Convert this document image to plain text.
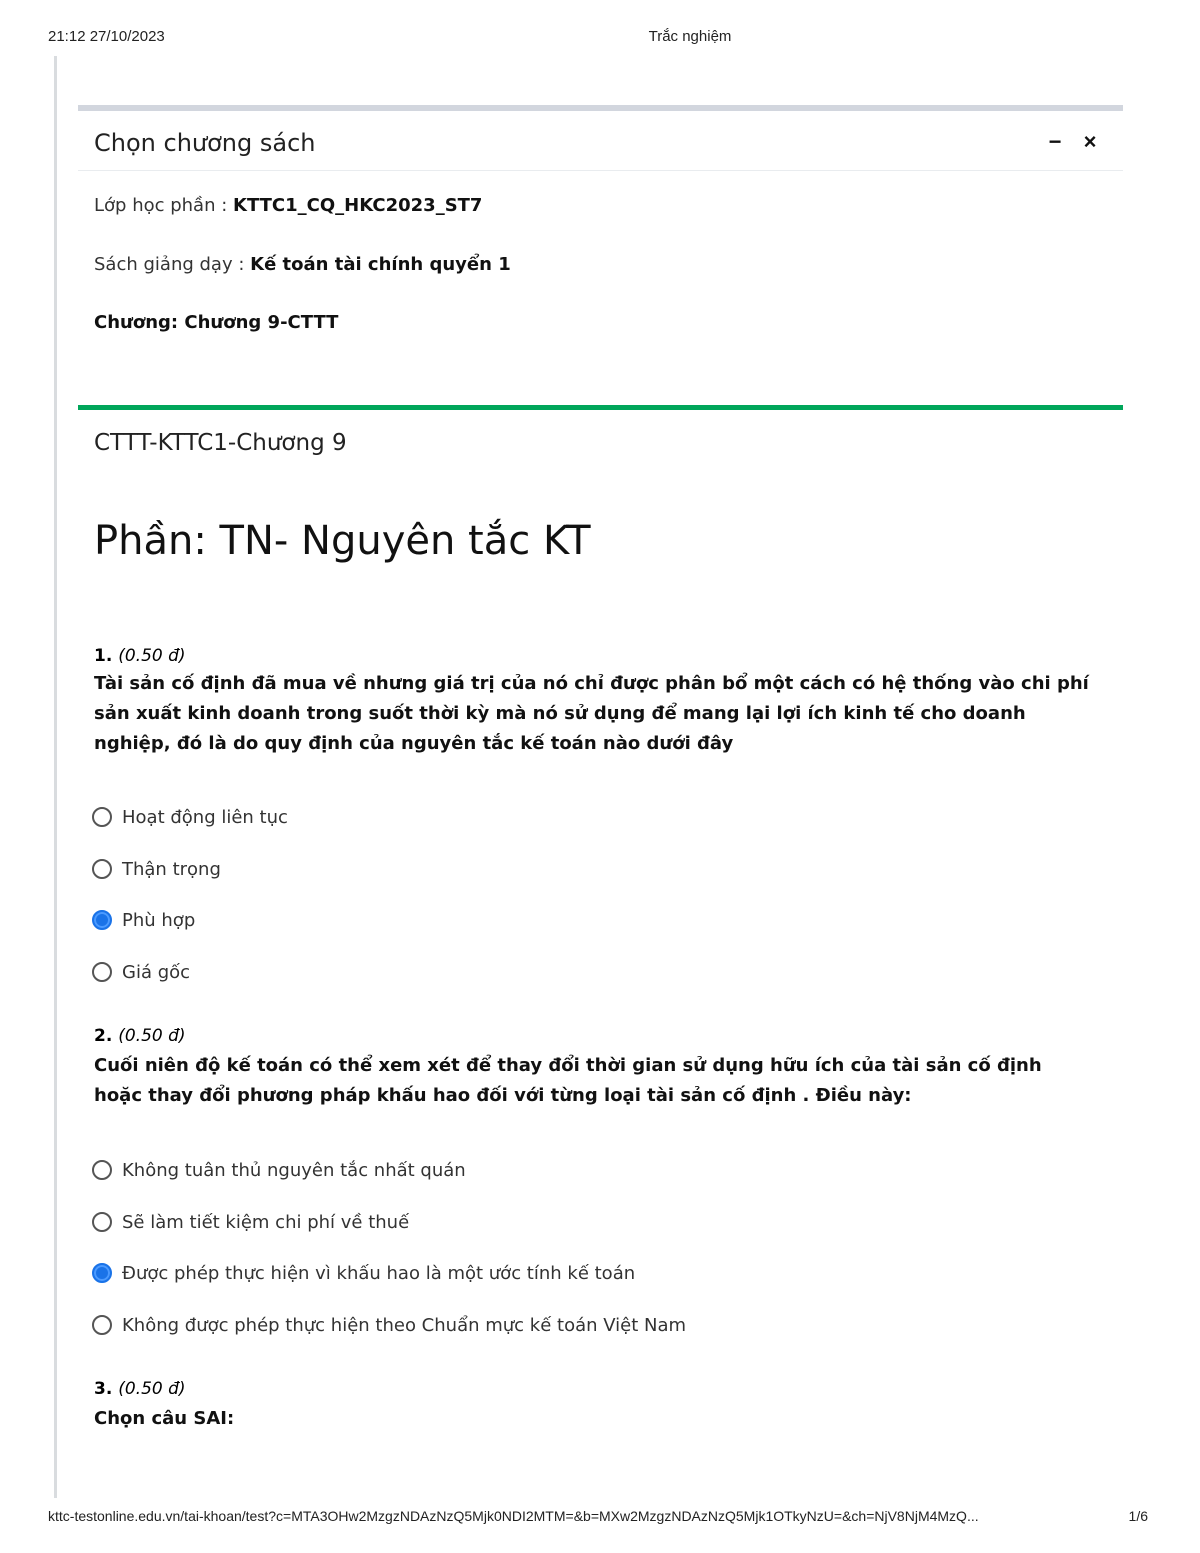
21:12 27/10/2023	Trắc nghiệm
Chọn chương sách	− ×
Lớp học phần : KTTC1_CQ_HKC2023_ST7
Sách giảng dạy : Kế toán tài chính quyển 1
Chương: Chương 9-CTTT
CTTT-KTTC1-Chương 9
Phần: TN- Nguyên tắc KT
1. (0.50 đ)
Tài sản cố định đã mua về nhưng giá trị của nó chỉ được phân bổ một cách có hệ thống vào chi phí sản xuất kinh doanh trong suốt thời kỳ mà nó sử dụng để mang lại lợi ích kinh tế cho doanh nghiệp, đó là do quy định của nguyên tắc kế toán nào dưới đây
Hoạt động liên tục
Thận trọng
Phù hợp
Giá gốc
2. (0.50 đ)
Cuối niên độ kế toán có thể xem xét để thay đổi thời gian sử dụng hữu ích của tài sản cố định hoặc thay đổi phương pháp khấu hao đối với từng loại tài sản cố định . Điều này:
Không tuân thủ nguyên tắc nhất quán
Sẽ làm tiết kiệm chi phí về thuế
Được phép thực hiện vì khấu hao là một ước tính kế toán
Không được phép thực hiện theo Chuẩn mực kế toán Việt Nam
3. (0.50 đ)
Chọn câu SAI:
kttc-testonline.edu.vn/tai-khoan/test?c=MTA3OHw2MzgzNDAzNzQ5Mjk0NDI2MTM=&b=MXw2MzgzNDAzNzQ5Mjk1OTkyNzU=&ch=NjV8NjM4MzQ...	1/6
